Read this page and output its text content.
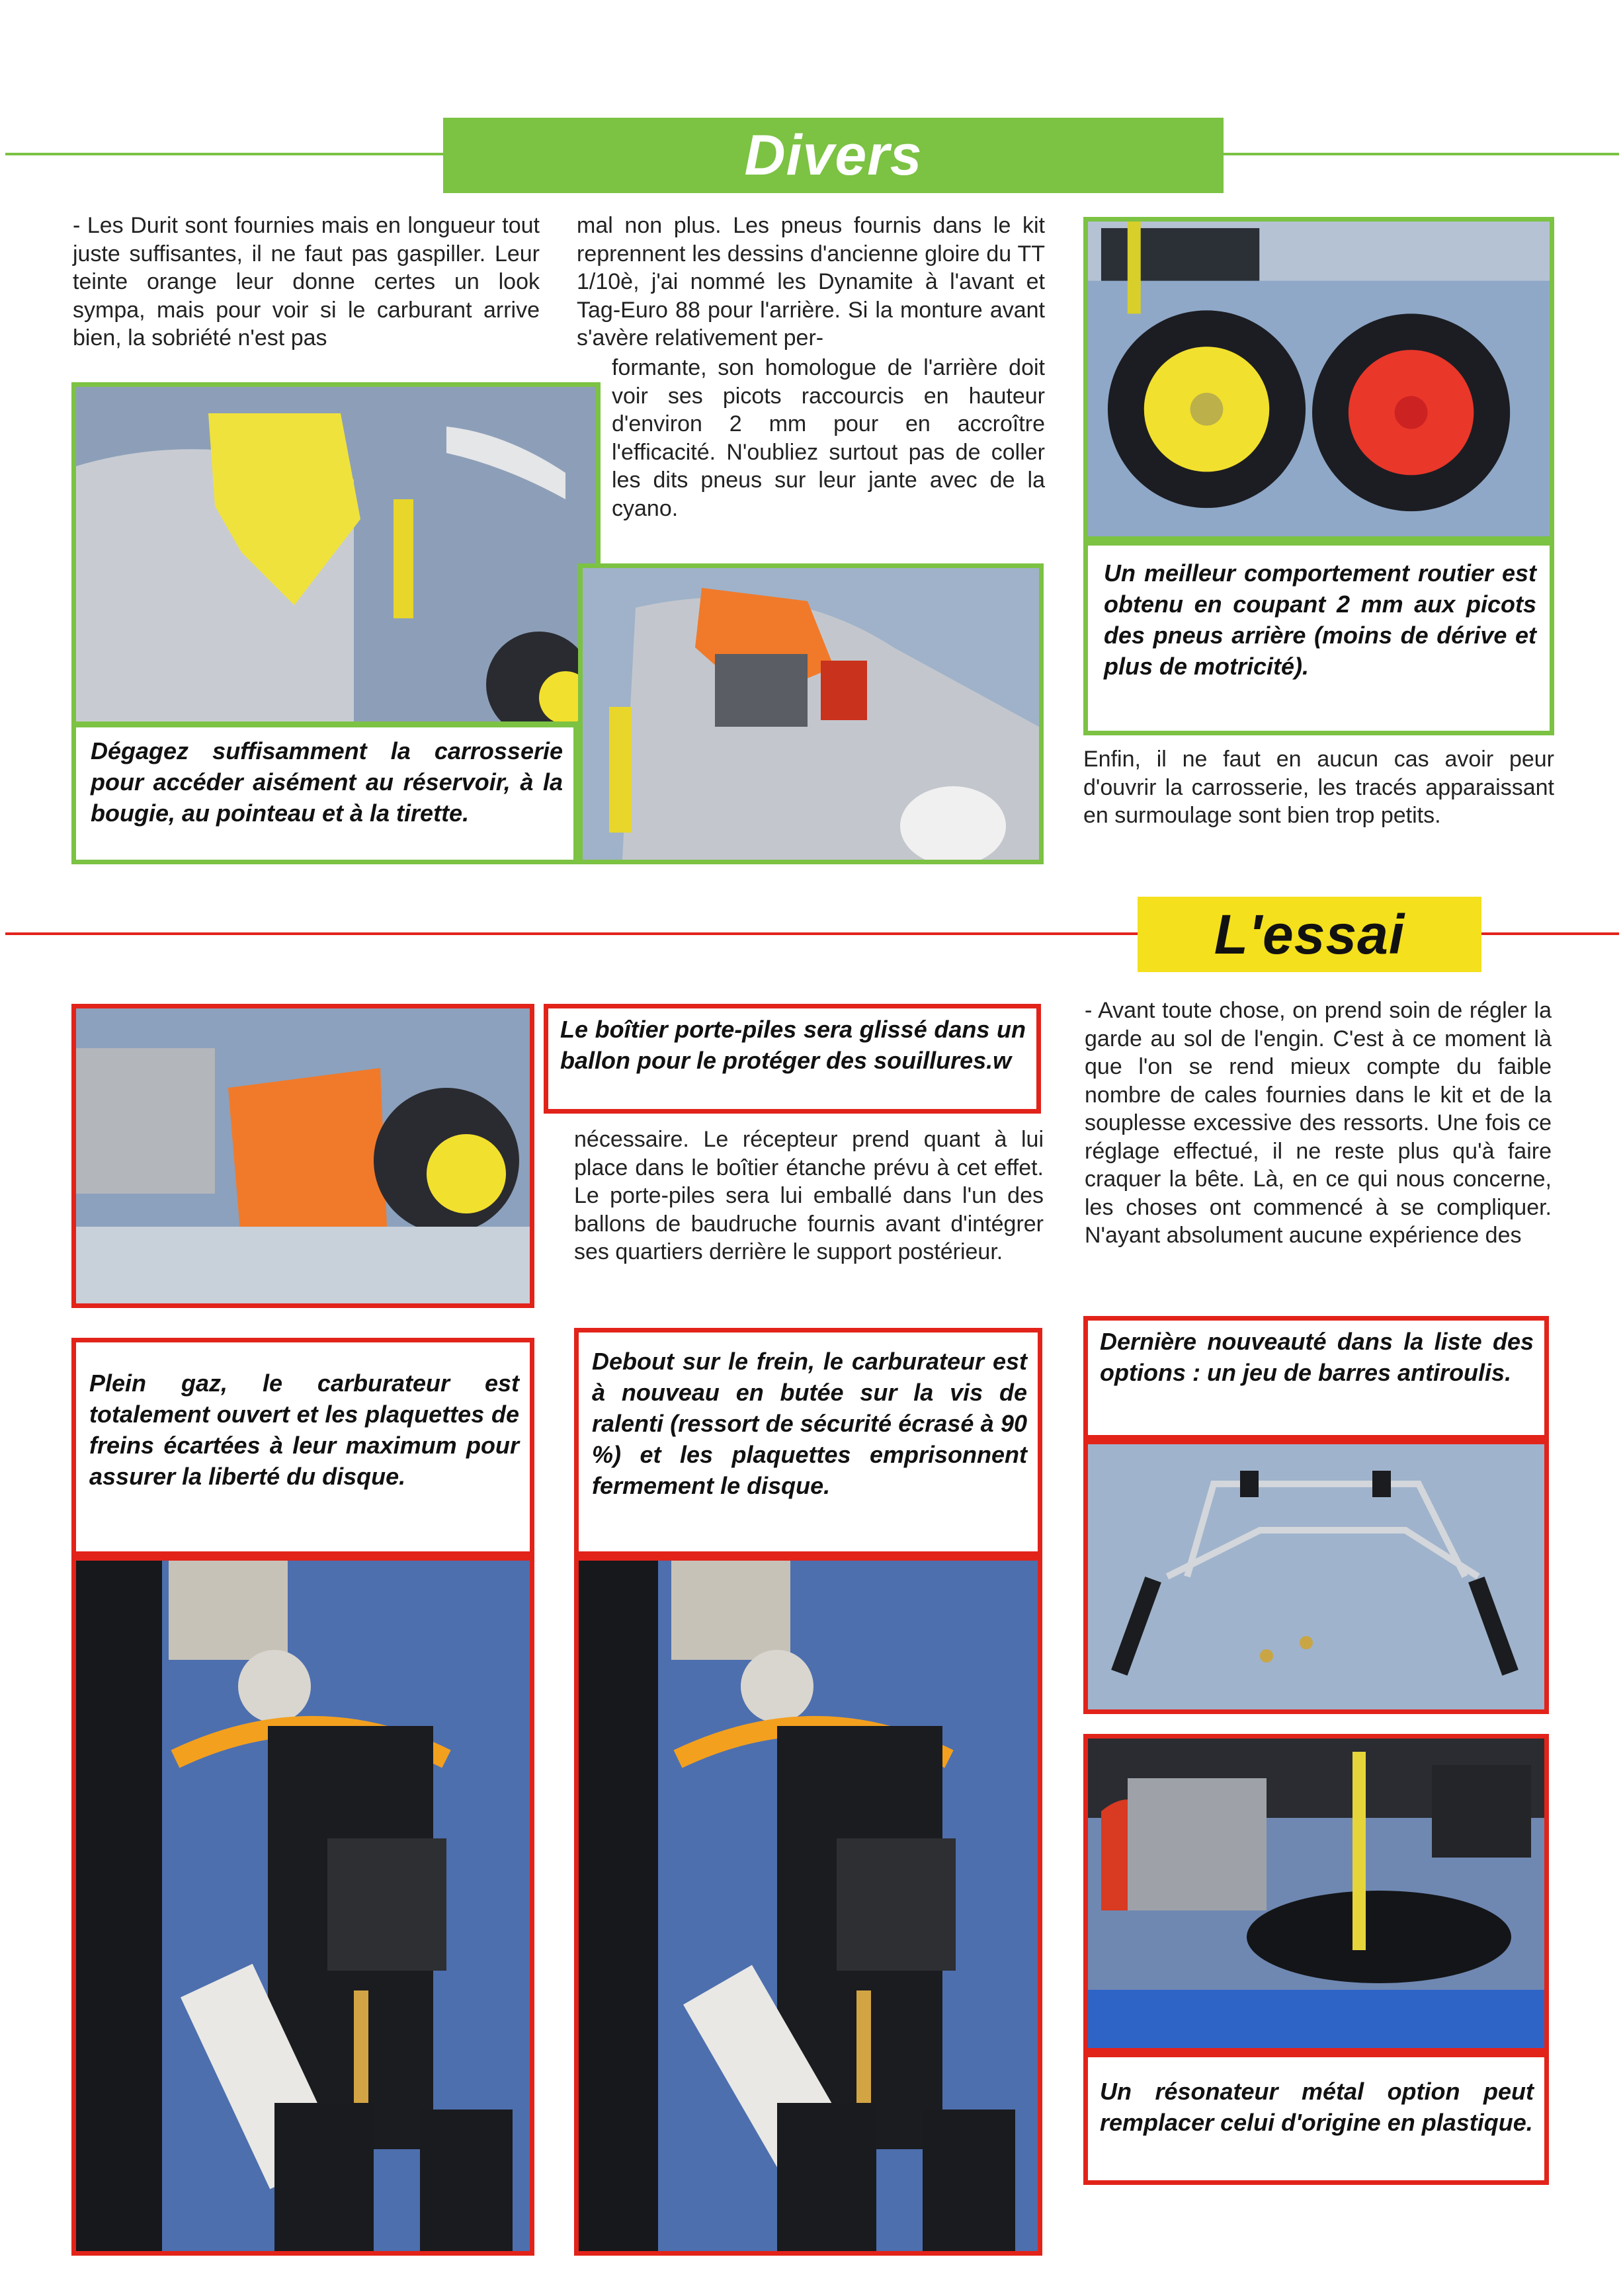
Divers
- Les Durit sont fournies mais en longueur tout juste suffisantes, il ne faut pas gaspiller. Leur teinte orange leur donne certes un look sympa, mais pour voir si le carburant arrive bien, la sobriété n'est pas
mal non plus. Les pneus fournis dans le kit reprennent les dessins d'ancienne gloire du TT 1/10è, j'ai nommé les Dynamite à l'avant et Tag-Euro 88 pour l'arrière. Si la monture avant s'avère relativement per-
formante, son homologue de l'arrière doit voir ses picots raccourcis en hauteur d'environ 2 mm pour en accroître l'efficacité. N'oubliez surtout pas de coller les dits pneus sur leur jante avec de la cyano.
Un meilleur comportement routier est obtenu en coupant 2 mm aux picots des pneus arrière (moins de dérive et plus de motricité).
Enfin, il ne faut en aucun cas avoir peur d'ouvrir la carrosserie, les tracés apparaissant en surmoulage sont bien trop petits.
Dégagez suffisamment la carrosserie pour accéder aisément au réservoir, à la bougie, au pointeau et à la tirette.
L'essai
Le boîtier porte-piles sera glissé dans un ballon pour le protéger des souillures.w
nécessaire. Le récepteur prend quant à lui place dans le boîtier étanche prévu à cet effet. Le porte-piles sera lui emballé dans l'un des ballons de baudruche fournis avant d'intégrer ses quartiers derrière le support postérieur.
- Avant toute chose, on prend soin de régler la garde au sol de l'engin. C'est à ce moment là que l'on se rend mieux compte du faible nombre de cales fournies dans le kit et de la souplesse excessive des ressorts. Une fois ce réglage effectué, il ne reste plus qu'à faire craquer la bête. Là, en ce qui nous concerne, les choses ont commencé à se compliquer. N'ayant absolument aucune expérience des
Plein gaz, le carburateur est totalement ouvert et les plaquettes de freins écartées à leur maximum pour assurer la liberté du disque.
Debout sur le frein, le carburateur est à nouveau en butée sur la vis de ralenti (ressort de sécurité écrasé à 90 %) et les plaquettes emprisonnent fermement le disque.
Dernière nouveauté dans la liste des options : un jeu de barres antiroulis.
Un résonateur métal option peut remplacer celui d'origine en plastique.
